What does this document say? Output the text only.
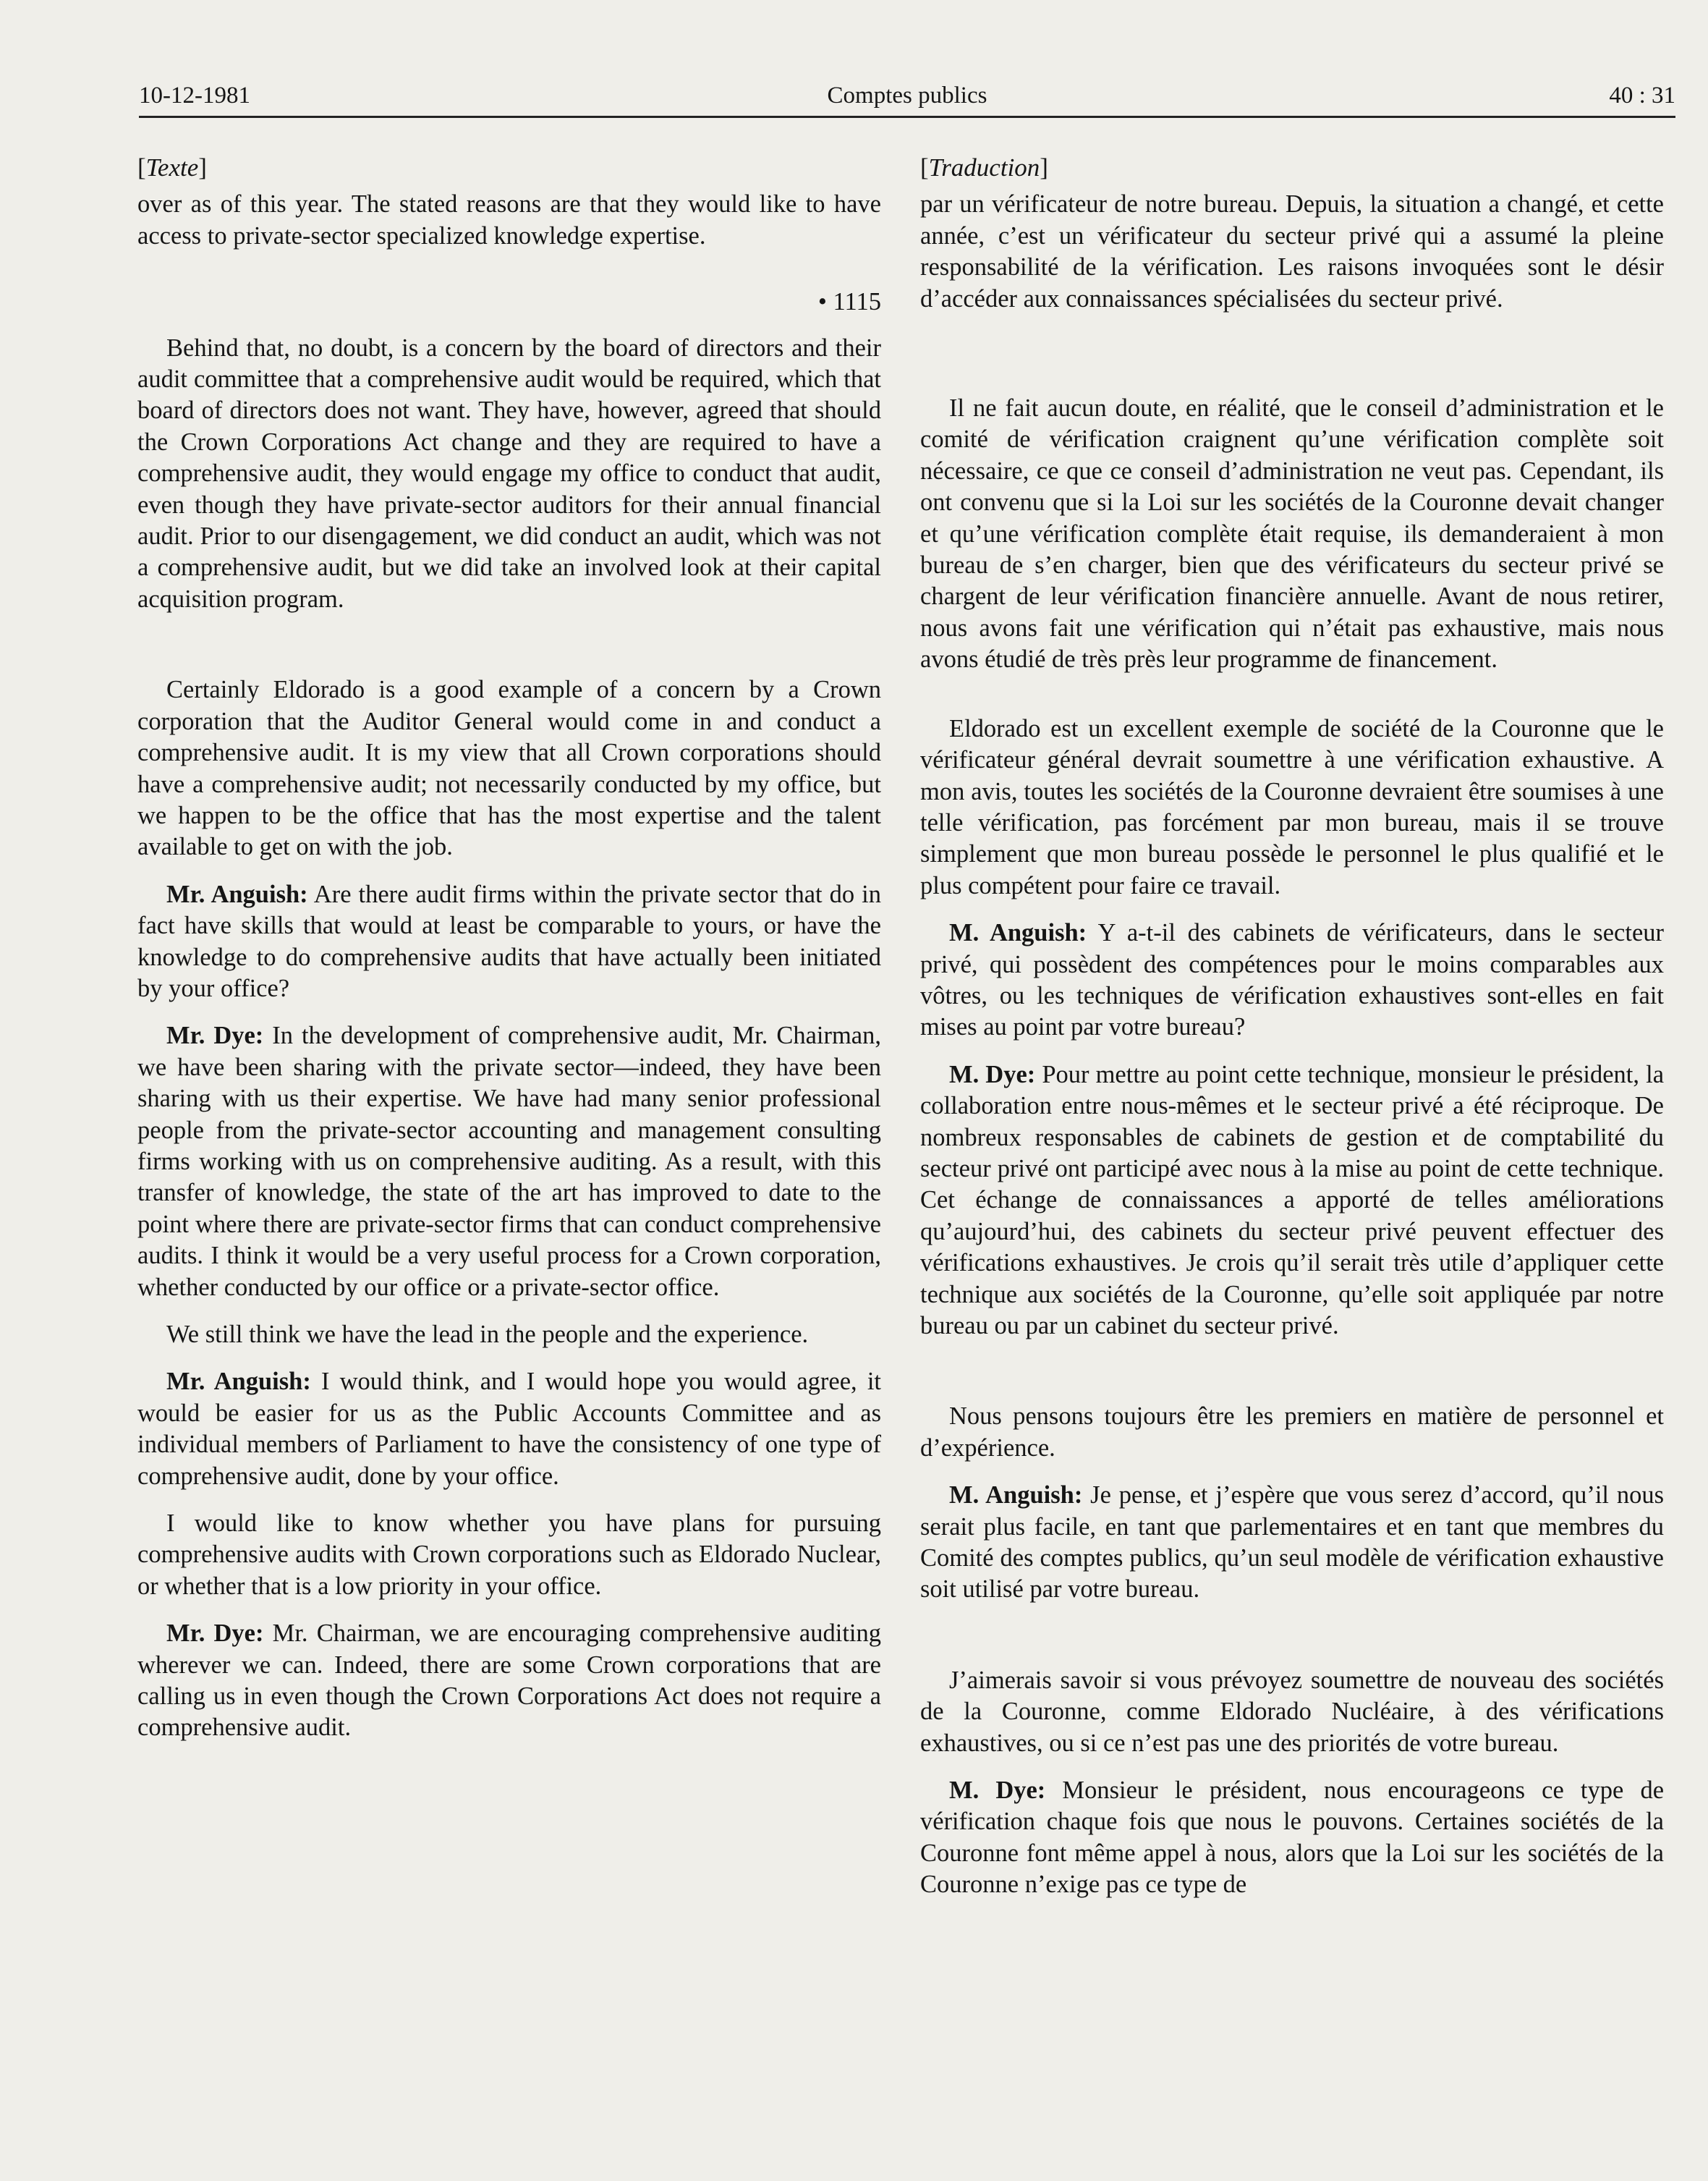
10-12-1981	Comptes publics	40 : 31
[Texte]

over as of this year. The stated reasons are that they would like to have access to private-sector specialized knowledge expertise.

• 1115

Behind that, no doubt, is a concern by the board of directors and their audit committee that a comprehensive audit would be required, which that board of directors does not want. They have, however, agreed that should the Crown Corporations Act change and they are required to have a comprehensive audit, they would engage my office to conduct that audit, even though they have private-sector auditors for their annual financial audit. Prior to our disengagement, we did conduct an audit, which was not a comprehensive audit, but we did take an involved look at their capital acquisition program.

Certainly Eldorado is a good example of a concern by a Crown corporation that the Auditor General would come in and conduct a comprehensive audit. It is my view that all Crown corporations should have a comprehensive audit; not necessarily conducted by my office, but we happen to be the office that has the most expertise and the talent available to get on with the job.

Mr. Anguish: Are there audit firms within the private sector that do in fact have skills that would at least be comparable to yours, or have the knowledge to do comprehensive audits that have actually been initiated by your office?

Mr. Dye: In the development of comprehensive audit, Mr. Chairman, we have been sharing with the private sector—indeed, they have been sharing with us their expertise. We have had many senior professional people from the private-sector accounting and management consulting firms working with us on comprehensive auditing. As a result, with this transfer of knowledge, the state of the art has improved to date to the point where there are private-sector firms that can conduct comprehensive audits. I think it would be a very useful process for a Crown corporation, whether conducted by our office or a private-sector office.

We still think we have the lead in the people and the experience.

Mr. Anguish: I would think, and I would hope you would agree, it would be easier for us as the Public Accounts Committee and as individual members of Parliament to have the consistency of one type of comprehensive audit, done by your office.

I would like to know whether you have plans for pursuing comprehensive audits with Crown corporations such as Eldorado Nuclear, or whether that is a low priority in your office.

Mr. Dye: Mr. Chairman, we are encouraging comprehensive auditing wherever we can. Indeed, there are some Crown corporations that are calling us in even though the Crown Corporations Act does not require a comprehensive audit.

[Traduction]

par un vérificateur de notre bureau. Depuis, la situation a changé, et cette année, c’est un vérificateur du secteur privé qui a assumé la pleine responsabilité de la vérification. Les raisons invoquées sont le désir d’accéder aux connaissances spécialisées du secteur privé.

Il ne fait aucun doute, en réalité, que le conseil d’administration et le comité de vérification craignent qu’une vérification complète soit nécessaire, ce que ce conseil d’administration ne veut pas. Cependant, ils ont convenu que si la Loi sur les sociétés de la Couronne devait changer et qu’une vérification complète était requise, ils demanderaient à mon bureau de s’en charger, bien que des vérificateurs du secteur privé se chargent de leur vérification financière annuelle. Avant de nous retirer, nous avons fait une vérification qui n’était pas exhaustive, mais nous avons étudié de très près leur programme de financement.

Eldorado est un excellent exemple de société de la Couronne que le vérificateur général devrait soumettre à une vérification exhaustive. A mon avis, toutes les sociétés de la Couronne devraient être soumises à une telle vérification, pas forcément par mon bureau, mais il se trouve simplement que mon bureau possède le personnel le plus qualifié et le plus compétent pour faire ce travail.

M. Anguish: Y a-t-il des cabinets de vérificateurs, dans le secteur privé, qui possèdent des compétences pour le moins comparables aux vôtres, ou les techniques de vérification exhaustives sont-elles en fait mises au point par votre bureau?

M. Dye: Pour mettre au point cette technique, monsieur le président, la collaboration entre nous-mêmes et le secteur privé a été réciproque. De nombreux responsables de cabinets de gestion et de comptabilité du secteur privé ont participé avec nous à la mise au point de cette technique. Cet échange de connaissances a apporté de telles améliorations qu’aujourd’hui, des cabinets du secteur privé peuvent effectuer des vérifications exhaustives. Je crois qu’il serait très utile d’appliquer cette technique aux sociétés de la Couronne, qu’elle soit appliquée par notre bureau ou par un cabinet du secteur privé.

Nous pensons toujours être les premiers en matière de personnel et d’expérience.

M. Anguish: Je pense, et j’espère que vous serez d’accord, qu’il nous serait plus facile, en tant que parlementaires et en tant que membres du Comité des comptes publics, qu’un seul modèle de vérification exhaustive soit utilisé par votre bureau.

J’aimerais savoir si vous prévoyez soumettre de nouveau des sociétés de la Couronne, comme Eldorado Nucléaire, à des vérifications exhaustives, ou si ce n’est pas une des priorités de votre bureau.

M. Dye: Monsieur le président, nous encourageons ce type de vérification chaque fois que nous le pouvons. Certaines sociétés de la Couronne font même appel à nous, alors que la Loi sur les sociétés de la Couronne n’exige pas ce type de
